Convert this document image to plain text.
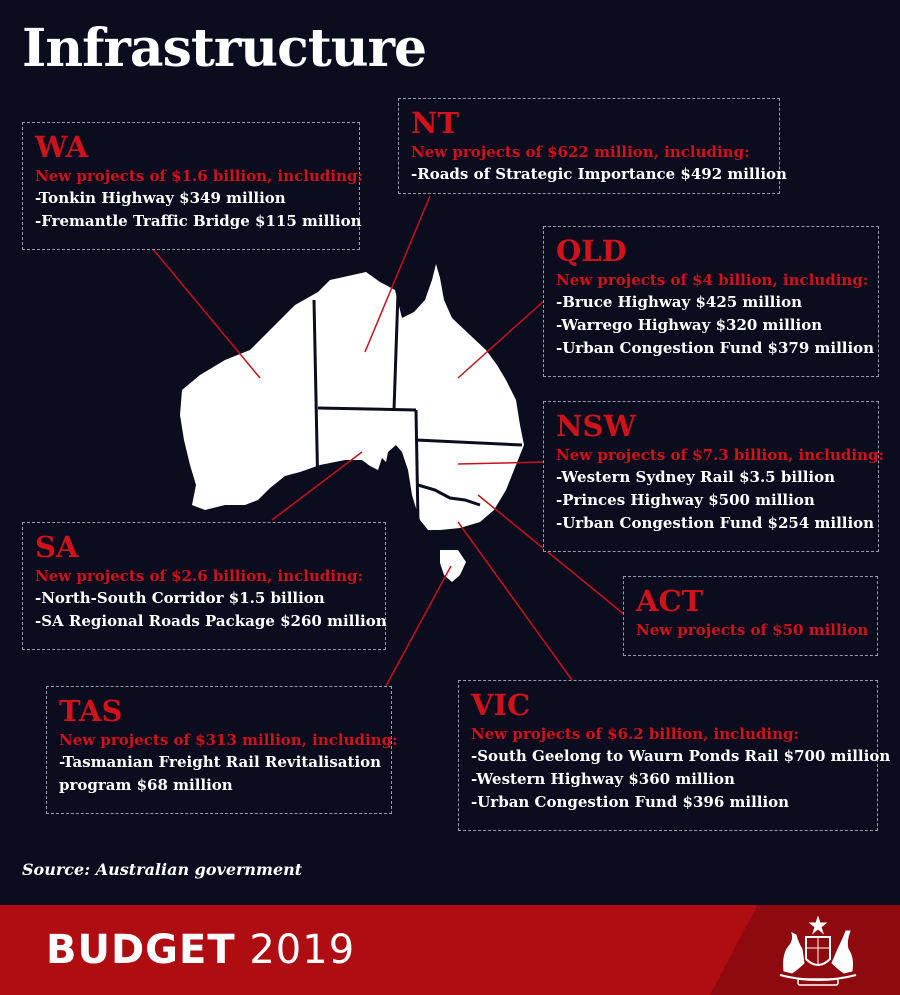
Infrastructure
WA
New projects of $1.6 billion, including:
-Tonkin Highway $349 million
-Fremantle Traffic Bridge $115 million
NT
New projects of $622 million, including:
-Roads of Strategic Importance $492 million
QLD
New projects of $4 billion, including:
-Bruce Highway $425 million
-Warrego Highway $320 million
-Urban Congestion Fund $379 million
NSW
New projects of $7.3 billion, including:
-Western Sydney Rail $3.5 billion
-Princes Highway $500 million
-Urban Congestion Fund $254 million
ACT
New projects of $50 million
SA
New projects of $2.6 billion, including:
-North-South Corridor $1.5 billion
-SA Regional Roads Package $260 million
TAS
New projects of $313 million, including:
-Tasmanian Freight Rail Revitalisation program $68 million
VIC
New projects of $6.2 billion, including:
-South Geelong to Waurn Ponds Rail $700 million
-Western Highway $360 million
-Urban Congestion Fund $396 million
Source: Australian government
BUDGET 2019
